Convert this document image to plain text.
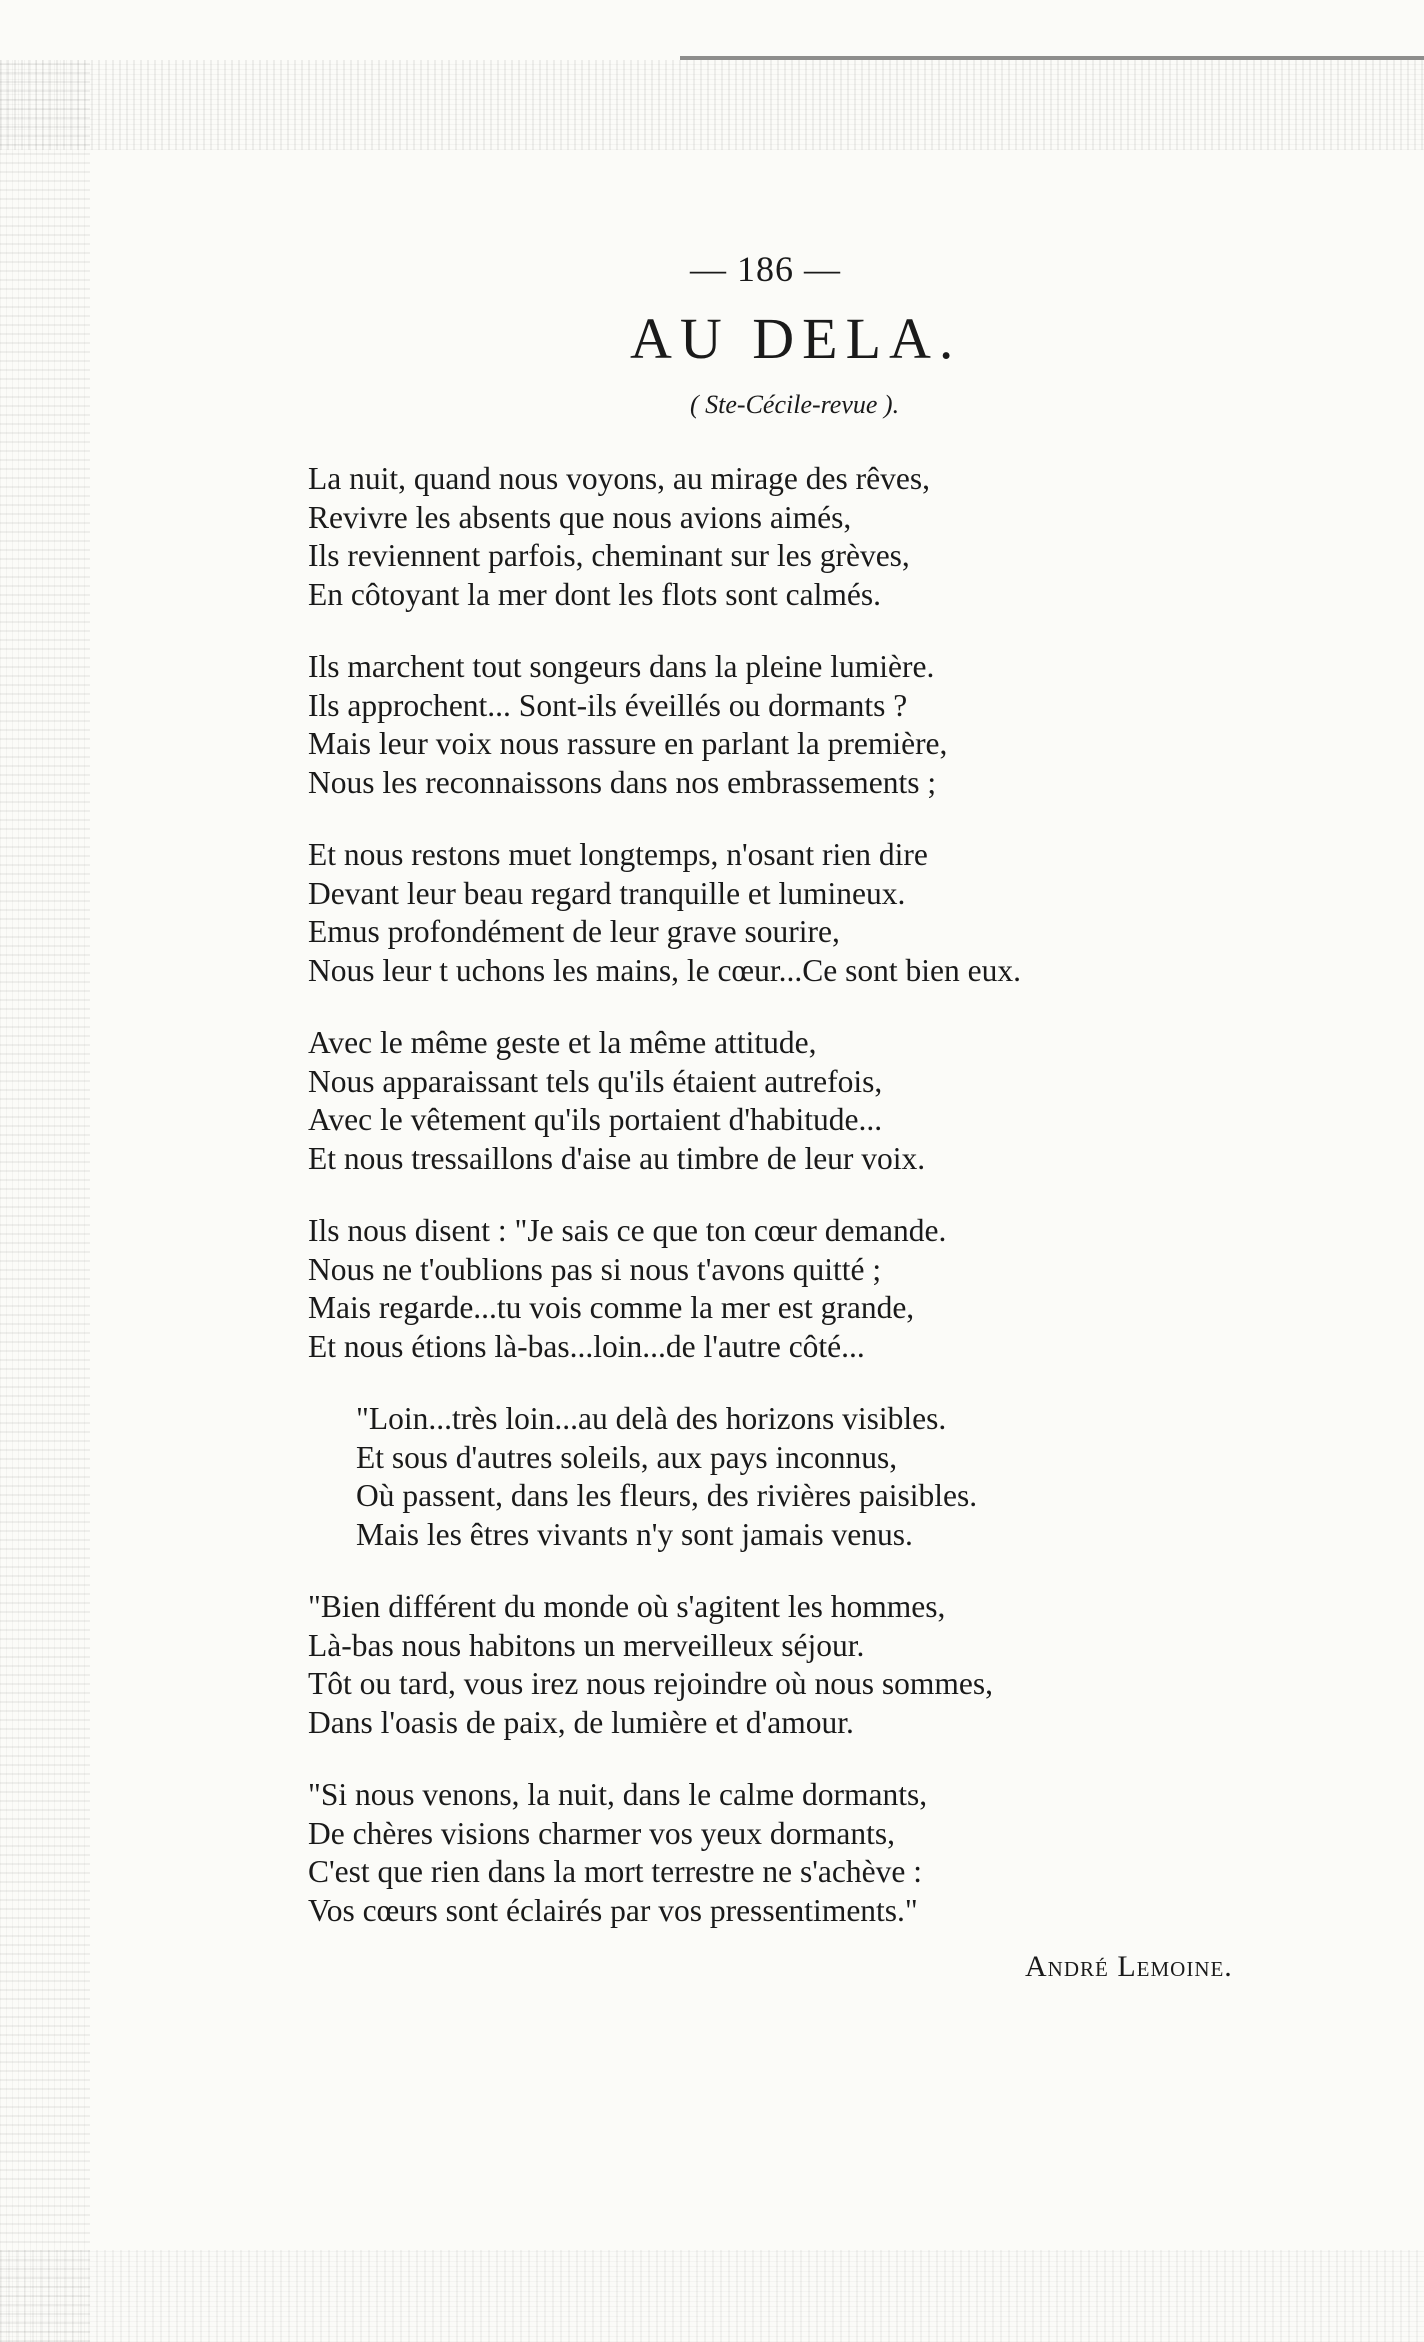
— 186 —
AU DELA.
( Ste-Cécile-revue ).
La nuit, quand nous voyons, au mirage des rêves,
Revivre les absents que nous avions aimés,
Ils reviennent parfois, cheminant sur les grèves,
En côtoyant la mer dont les flots sont calmés.
Ils marchent tout songeurs dans la pleine lumière.
Ils approchent... Sont-ils éveillés ou dormants ?
Mais leur voix nous rassure en parlant la première,
Nous les reconnaissons dans nos embrassements ;
Et nous restons muet longtemps, n'osant rien dire
Devant leur beau regard tranquille et lumineux.
Emus profondément de leur grave sourire,
Nous leur t uchons les mains, le cœur...Ce sont bien eux.
Avec le même geste et la même attitude,
Nous apparaissant tels qu'ils étaient autrefois,
Avec le vêtement qu'ils portaient d'habitude...
Et nous tressaillons d'aise au timbre de leur voix.
Ils nous disent : "Je sais ce que ton cœur demande.
Nous ne t'oublions pas si nous t'avons quitté ;
Mais regarde...tu vois comme la mer est grande,
Et nous étions là-bas...loin...de l'autre côté...
"Loin...très loin...au delà des horizons visibles.
Et sous d'autres soleils, aux pays inconnus,
Où passent, dans les fleurs, des rivières paisibles.
Mais les êtres vivants n'y sont jamais venus.
"Bien différent du monde où s'agitent les hommes,
Là-bas nous habitons un merveilleux séjour.
Tôt ou tard, vous irez nous rejoindre où nous sommes,
Dans l'oasis de paix, de lumière et d'amour.
"Si nous venons, la nuit, dans le calme dormants,
De chères visions charmer vos yeux dormants,
C'est que rien dans la mort terrestre ne s'achève :
Vos cœurs sont éclairés par vos pressentiments."
André Lemoine.
